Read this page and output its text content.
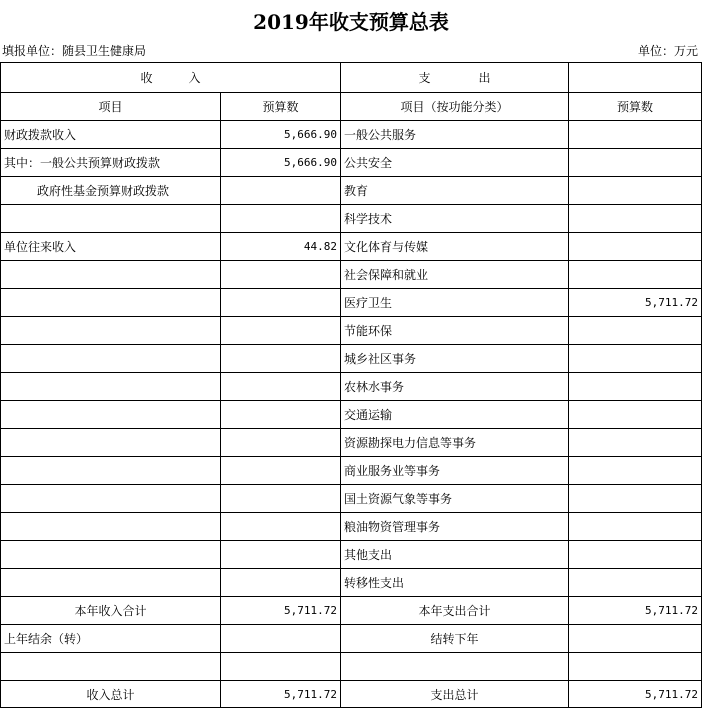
2019年收支预算总表
填报单位：随县卫生健康局	单位：万元
收　　　入		支　　　　出	
项目	预算数	项目（按功能分类）	预算数
财政拨款收入	5,666.90	一般公共服务	
其中：一般公共预算财政拨款	5,666.90	公共安全	
政府性基金预算财政拨款		教育	
		科学技术	
单位往来收入	44.82	文化体育与传媒	
		社会保障和就业	
		医疗卫生	5,711.72
		节能环保	
		城乡社区事务	
		农林水事务	
		交通运输	
		资源勘探电力信息等事务	
		商业服务业等事务	
		国土资源气象等事务	
		粮油物资管理事务	
		其他支出	
		转移性支出	
本年收入合计	5,711.72	本年支出合计	5,711.72
上年结余（转）		结转下年	

收入总计	5,711.72	支出总计	5,711.72
